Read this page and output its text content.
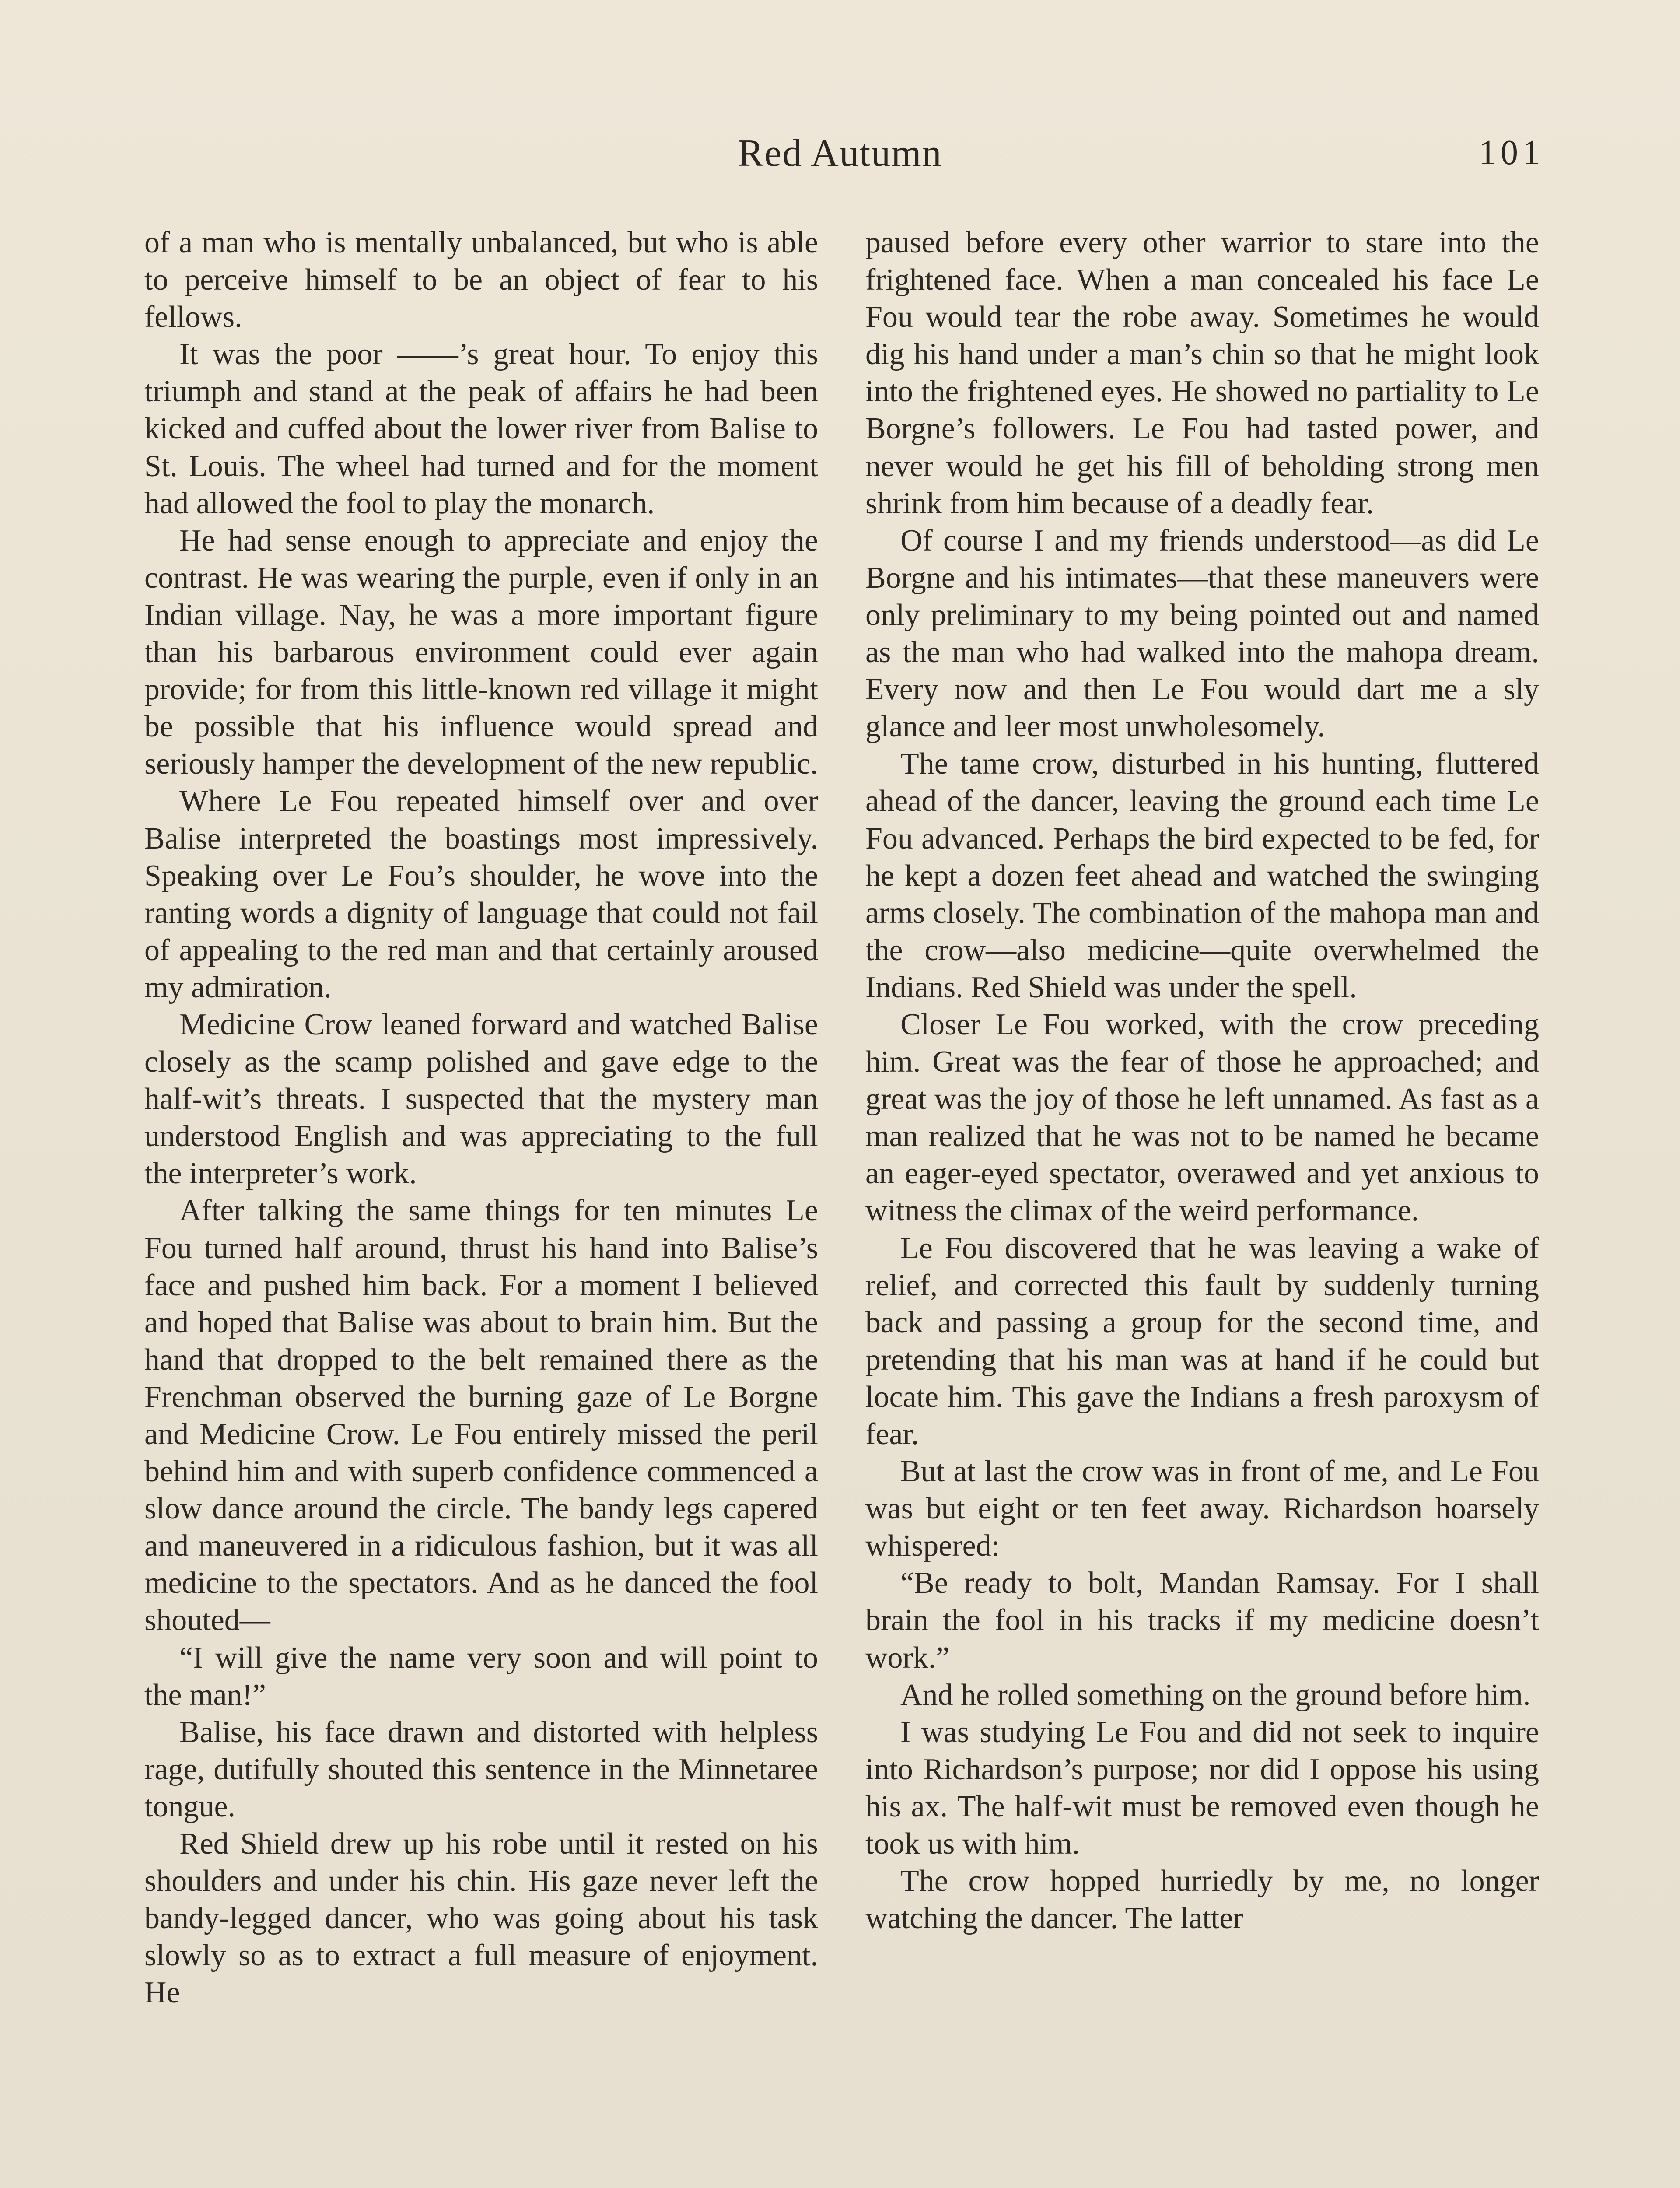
Red Autumn	101

of a man who is mentally unbalanced, but who is able to perceive himself to be an object of fear to his fellows.

It was the poor ——’s great hour. To enjoy this triumph and stand at the peak of affairs he had been kicked and cuffed about the lower river from Balise to St. Louis. The wheel had turned and for the moment had allowed the fool to play the monarch.

He had sense enough to appreciate and enjoy the contrast. He was wearing the purple, even if only in an Indian village. Nay, he was a more important figure than his barbarous environment could ever again provide; for from this little-known red village it might be possible that his influence would spread and seriously hamper the development of the new republic.

Where Le Fou repeated himself over and over Balise interpreted the boastings most impressively. Speaking over Le Fou’s shoulder, he wove into the ranting words a dignity of language that could not fail of appealing to the red man and that certainly aroused my admiration.

Medicine Crow leaned forward and watched Balise closely as the scamp polished and gave edge to the half-wit’s threats. I suspected that the mystery man understood English and was appreciating to the full the interpreter’s work.

After talking the same things for ten minutes Le Fou turned half around, thrust his hand into Balise’s face and pushed him back. For a moment I believed and hoped that Balise was about to brain him. But the hand that dropped to the belt remained there as the Frenchman observed the burning gaze of Le Borgne and Medicine Crow. Le Fou entirely missed the peril behind him and with superb confidence commenced a slow dance around the circle. The bandy legs capered and maneuvered in a ridiculous fashion, but it was all medicine to the spectators. And as he danced the fool shouted—

“I will give the name very soon and will point to the man!”

Balise, his face drawn and distorted with helpless rage, dutifully shouted this sentence in the Minnetaree tongue.

Red Shield drew up his robe until it rested on his shoulders and under his chin. His gaze never left the bandy-legged dancer, who was going about his task slowly so as to extract a full measure of enjoyment. He

paused before every other warrior to stare into the frightened face. When a man concealed his face Le Fou would tear the robe away. Sometimes he would dig his hand under a man’s chin so that he might look into the frightened eyes. He showed no partiality to Le Borgne’s followers. Le Fou had tasted power, and never would he get his fill of beholding strong men shrink from him because of a deadly fear.

Of course I and my friends understood—as did Le Borgne and his intimates—that these maneuvers were only preliminary to my being pointed out and named as the man who had walked into the mahopa dream. Every now and then Le Fou would dart me a sly glance and leer most unwholesomely.

The tame crow, disturbed in his hunting, fluttered ahead of the dancer, leaving the ground each time Le Fou advanced. Perhaps the bird expected to be fed, for he kept a dozen feet ahead and watched the swinging arms closely. The combination of the mahopa man and the crow—also medicine—quite overwhelmed the Indians. Red Shield was under the spell.

Closer Le Fou worked, with the crow preceding him. Great was the fear of those he approached; and great was the joy of those he left unnamed. As fast as a man realized that he was not to be named he became an eager-eyed spectator, overawed and yet anxious to witness the climax of the weird performance.

Le Fou discovered that he was leaving a wake of relief, and corrected this fault by suddenly turning back and passing a group for the second time, and pretending that his man was at hand if he could but locate him. This gave the Indians a fresh paroxysm of fear.

But at last the crow was in front of me, and Le Fou was but eight or ten feet away. Richardson hoarsely whispered:

“Be ready to bolt, Mandan Ramsay. For I shall brain the fool in his tracks if my medicine doesn’t work.”

And he rolled something on the ground before him.

I was studying Le Fou and did not seek to inquire into Richardson’s purpose; nor did I oppose his using his ax. The half-wit must be removed even though he took us with him.

The crow hopped hurriedly by me, no longer watching the dancer. The latter
